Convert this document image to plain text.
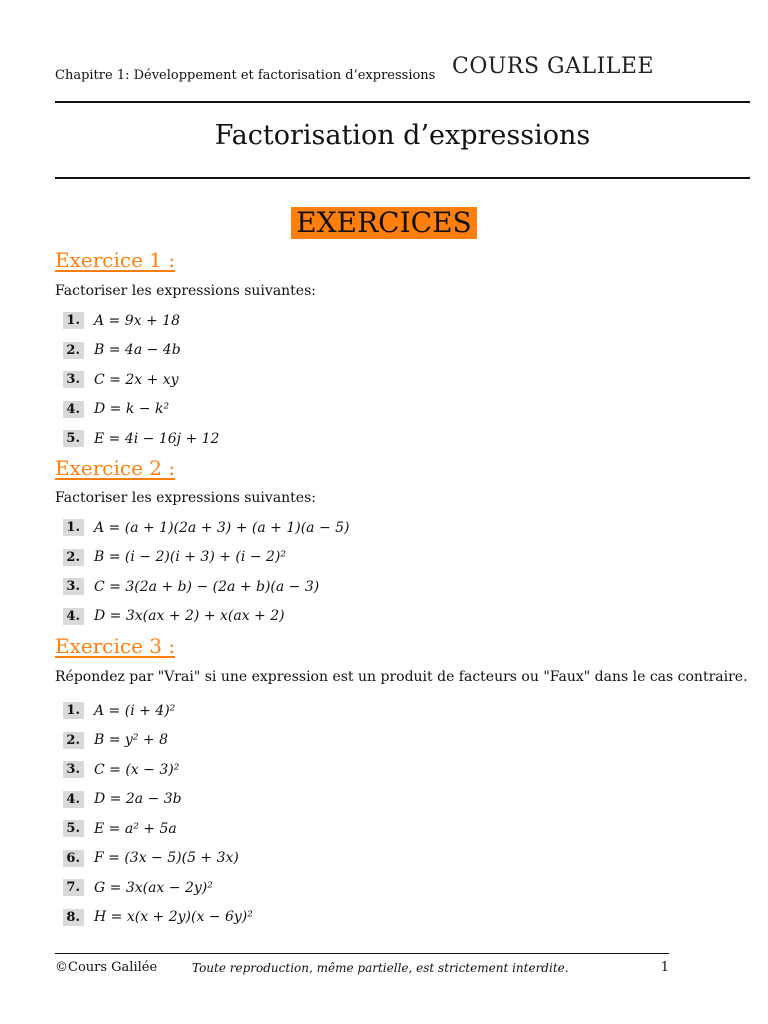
Chapitre 1: Développement et factorisation d’expressions COURS GALILEE
Factorisation d’expressions
EXERCICES
Exercice 1 :
Factoriser les expressions suivantes:
1. A = 9x + 18
2. B = 4a − 4b
3. C = 2x + xy
4. D = k − k²
5. E = 4i − 16j + 12
Exercice 2 :
Factoriser les expressions suivantes:
1. A = (a + 1)(2a + 3) + (a + 1)(a − 5)
2. B = (i − 2)(i + 3) + (i − 2)²
3. C = 3(2a + b) − (2a + b)(a − 3)
4. D = 3x(ax + 2) + x(ax + 2)
Exercice 3 :
Répondez par "Vrai" si une expression est un produit de facteurs ou "Faux" dans le cas contraire.
1. A = (i + 4)²
2. B = y² + 8
3. C = (x − 3)²
4. D = 2a − 3b
5. E = a² + 5a
6. F = (3x − 5)(5 + 3x)
7. G = 3x(ax − 2y)²
8. H = x(x + 2y)(x − 6y)²
©Cours Galilée	Toute reproduction, même partielle, est strictement interdite.	1
